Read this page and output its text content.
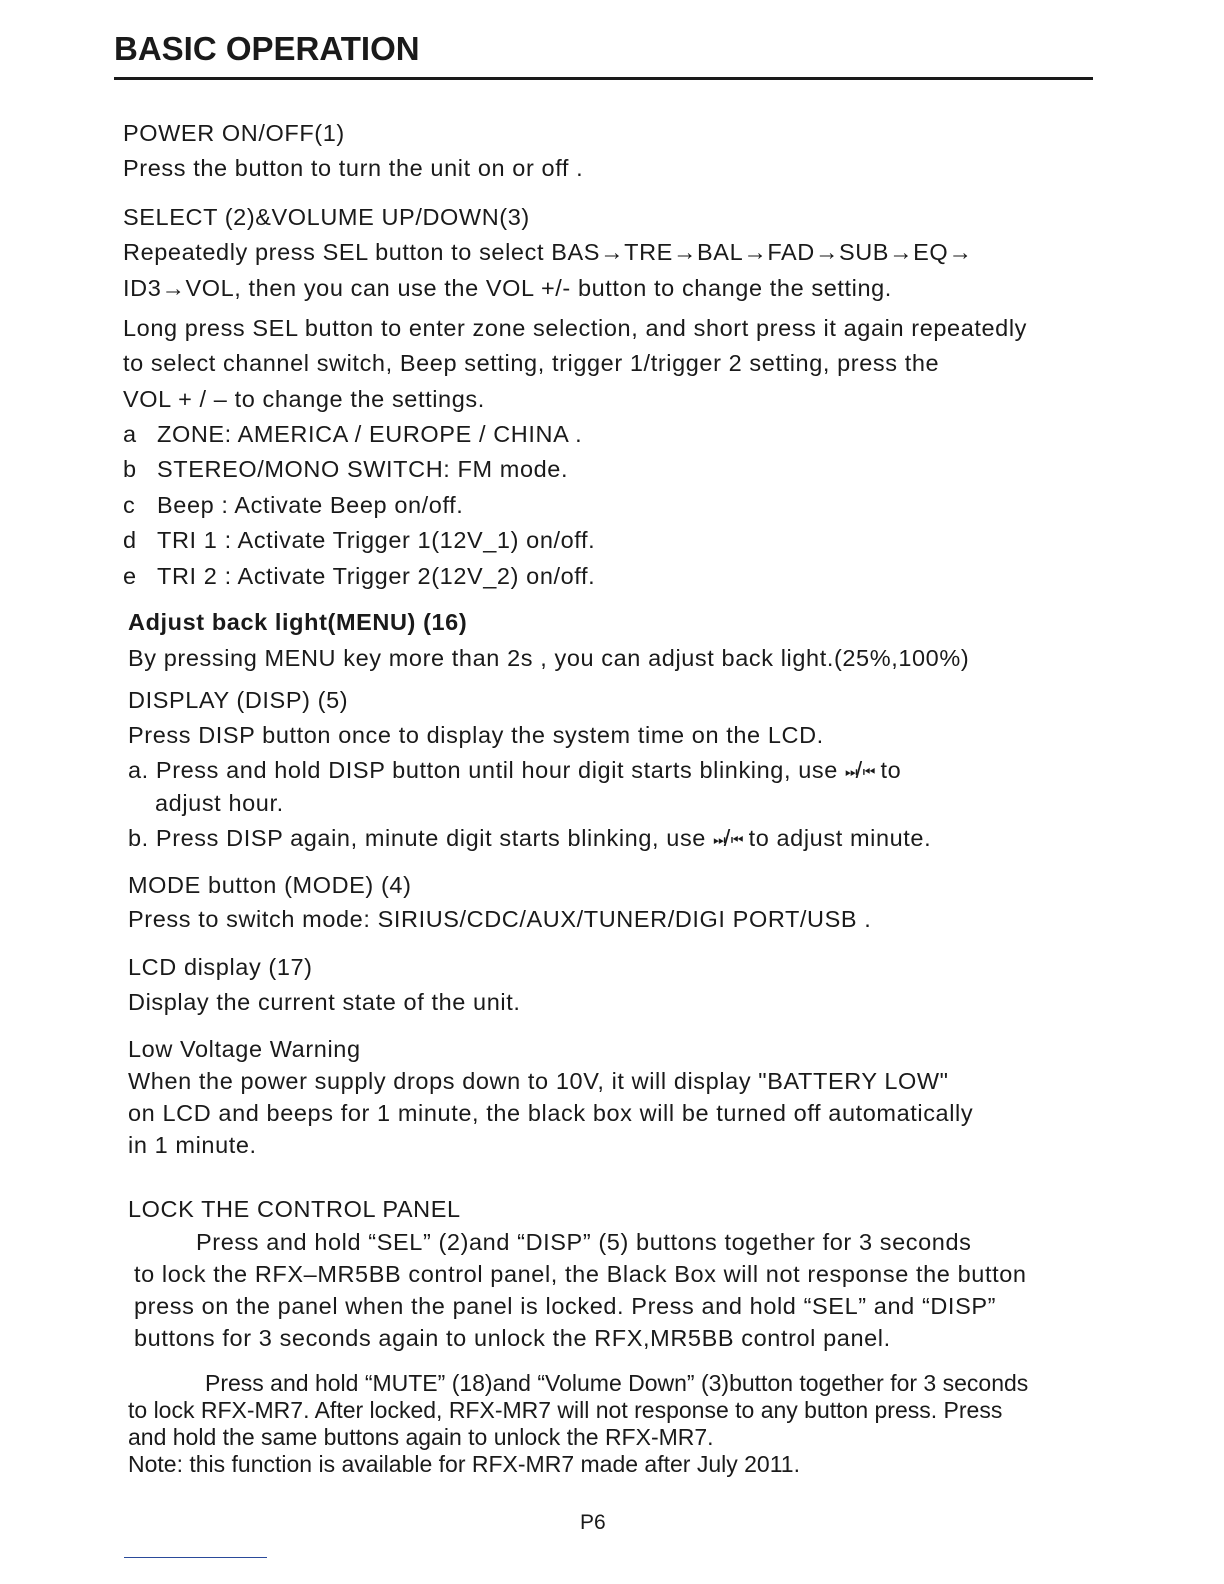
BASIC OPERATION
POWER ON/OFF(1)
Press the button to turn the unit on or off .
SELECT (2)&VOLUME UP/DOWN(3)
Repeatedly press SEL button to select BAS→TRE→BAL→FAD→SUB→EQ→
ID3→VOL, then you can use the VOL +/- button to change the setting.
Long press SEL button to enter zone selection, and short press it again repeatedly
to select channel switch, Beep setting, trigger 1/trigger 2 setting, press the
VOL + / – to change the settings.
a ZONE: AMERICA / EUROPE / CHINA .
b STEREO/MONO SWITCH: FM mode.
c Beep : Activate Beep on/off.
d TRI 1 : Activate Trigger 1(12V_1) on/off.
e TRI 2 : Activate Trigger 2(12V_2) on/off.
Adjust back light(MENU) (16)
By pressing MENU key more than 2s , you can adjust back light.(25%,100%)
DISPLAY (DISP) (5)
Press DISP button once to display the system time on the LCD.
a. Press and hold DISP button until hour digit starts blinking, use ⏭/⏮ to
adjust hour.
b. Press DISP again, minute digit starts blinking, use ⏭/⏮ to adjust minute.
MODE button (MODE) (4)
Press to switch mode: SIRIUS/CDC/AUX/TUNER/DIGI PORT/USB .
LCD display (17)
Display the current state of the unit.
Low Voltage Warning
When the power supply drops down to 10V, it will display "BATTERY LOW"
on LCD and beeps for 1 minute, the black box will be turned off automatically
in 1 minute.
LOCK THE CONTROL PANEL
Press and hold “SEL” (2)and “DISP” (5) buttons together for 3 seconds
to lock the RFX–MR5BB control panel, the Black Box will not response the button
press on the panel when the panel is locked. Press and hold “SEL” and “DISP”
buttons for 3 seconds again to unlock the RFX,MR5BB control panel.
Press and hold “MUTE” (18)and “Volume Down” (3)button together for 3 seconds
to lock RFX-MR7. After locked, RFX-MR7 will not response to any button press. Press
and hold the same buttons again to unlock the RFX-MR7.
Note: this function is available for RFX-MR7 made after July 2011.
P6
